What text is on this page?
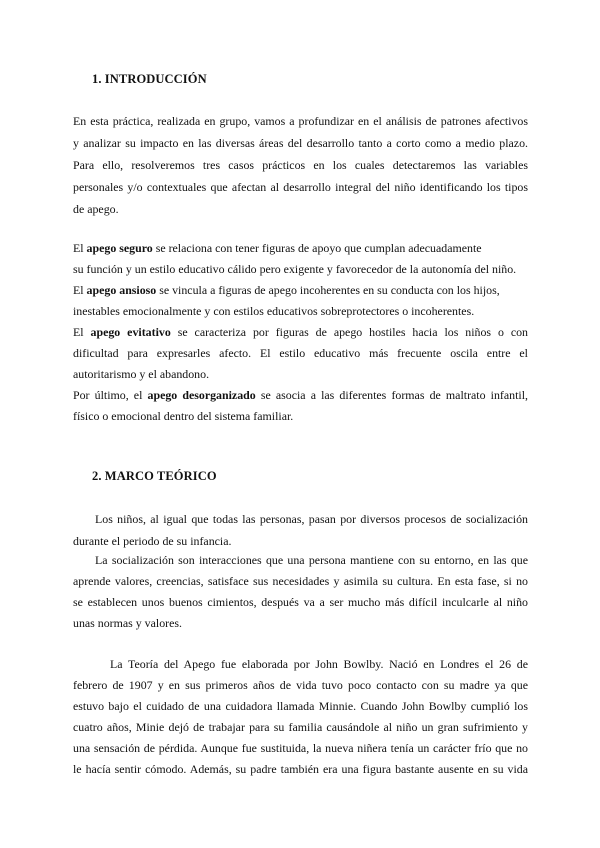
1. INTRODUCCIÓN
En esta práctica, realizada en grupo, vamos a profundizar en el análisis de patrones afectivos
y analizar su impacto en las diversas áreas del desarrollo tanto a corto como a medio plazo.
Para ello, resolveremos tres casos prácticos en los cuales detectaremos las variables
personales y/o contextuales que afectan al desarrollo integral del niño identificando los tipos
de apego.
El apego seguro se relaciona con tener figuras de apoyo que cumplan adecuadamente
su función y un estilo educativo cálido pero exigente y favorecedor de la autonomía del niño.
El apego ansioso se vincula a figuras de apego incoherentes en su conducta con los hijos,
inestables emocionalmente y con estilos educativos sobreprotectores o incoherentes.
El apego evitativo se caracteriza por figuras de apego hostiles hacia los niños o con
dificultad para expresarles afecto. El estilo educativo más frecuente oscila entre el
autoritarismo y el abandono.
Por último, el apego desorganizado se asocia a las diferentes formas de maltrato infantil,
físico o emocional dentro del sistema familiar.
2. MARCO TEÓRICO
Los niños, al igual que todas las personas, pasan por diversos procesos de socialización
durante el periodo de su infancia.
La socialización son interacciones que una persona mantiene con su entorno, en las que
aprende valores, creencias, satisface sus necesidades y asimila su cultura. En esta fase, si no
se establecen unos buenos cimientos, después va a ser mucho más difícil inculcarle al niño
unas normas y valores.
La Teoría del Apego fue elaborada por John Bowlby. Nació en Londres el 26 de
febrero de 1907 y en sus primeros años de vida tuvo poco contacto con su madre ya que
estuvo bajo el cuidado de una cuidadora llamada Minnie. Cuando John Bowlby cumplió los
cuatro años, Minie dejó de trabajar para su familia causándole al niño un gran sufrimiento y
una sensación de pérdida. Aunque fue sustituida, la nueva niñera tenía un carácter frío que no
le hacía sentir cómodo. Además, su padre también era una figura bastante ausente en su vida
